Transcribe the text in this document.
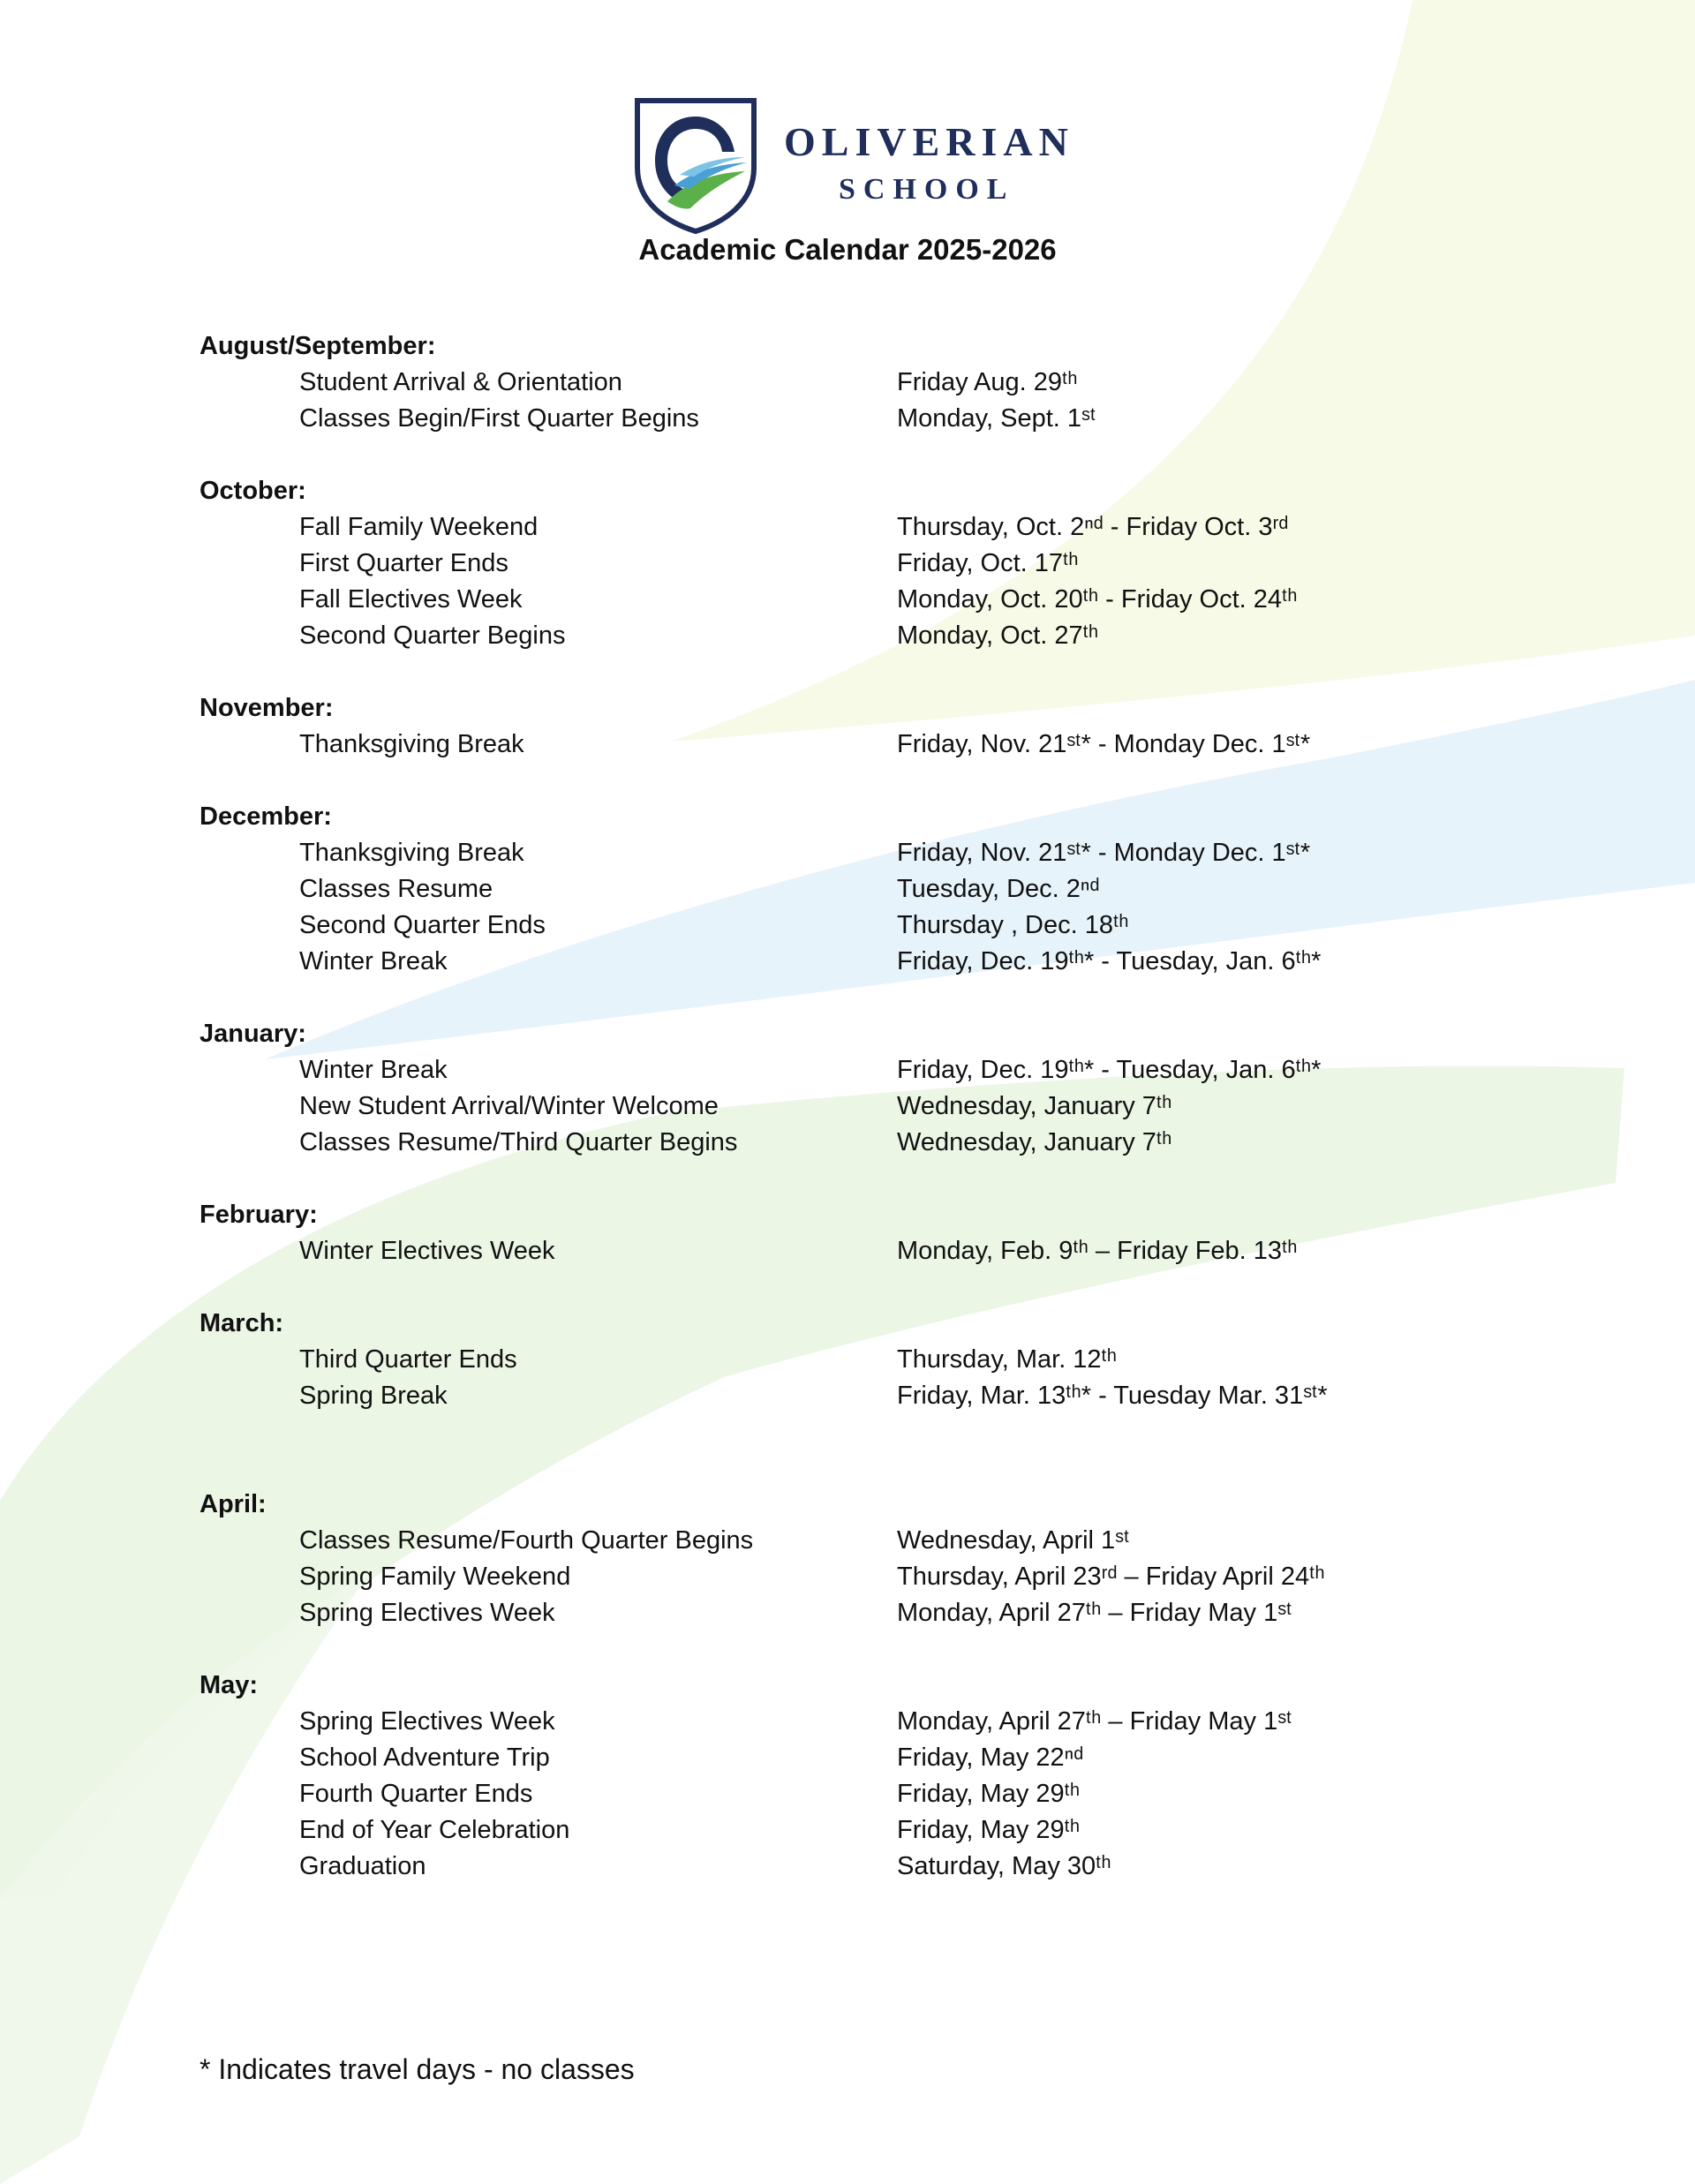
OLIVERIAN
SCHOOL
Academic Calendar 2025-2026
August/September:
Student Arrival & Orientation	Friday Aug. 29ᵗʰ
Classes Begin/First Quarter Begins	Monday, Sept. 1ˢᵗ
October:
Fall Family Weekend	Thursday, Oct. 2ⁿᵈ - Friday Oct. 3ʳᵈ
First Quarter Ends	Friday, Oct. 17ᵗʰ
Fall Electives Week	Monday, Oct. 20ᵗʰ - Friday Oct. 24ᵗʰ
Second Quarter Begins	Monday, Oct. 27ᵗʰ
November:
Thanksgiving Break	Friday, Nov. 21ˢᵗ* - Monday Dec. 1ˢᵗ*
December:
Thanksgiving Break	Friday, Nov. 21ˢᵗ* - Monday Dec. 1ˢᵗ*
Classes Resume	Tuesday, Dec. 2ⁿᵈ
Second Quarter Ends	Thursday , Dec. 18ᵗʰ
Winter Break	Friday, Dec. 19ᵗʰ* - Tuesday, Jan. 6ᵗʰ*
January:
Winter Break	Friday, Dec. 19ᵗʰ* - Tuesday, Jan. 6ᵗʰ*
New Student Arrival/Winter Welcome	Wednesday, January 7ᵗʰ
Classes Resume/Third Quarter Begins	Wednesday, January 7ᵗʰ
February:
Winter Electives Week	Monday, Feb. 9ᵗʰ – Friday Feb. 13ᵗʰ
March:
Third Quarter Ends	Thursday, Mar. 12ᵗʰ
Spring Break	Friday, Mar. 13ᵗʰ* - Tuesday Mar. 31ˢᵗ*
April:
Classes Resume/Fourth Quarter Begins	Wednesday, April 1ˢᵗ
Spring Family Weekend	Thursday, April 23ʳᵈ – Friday April 24ᵗʰ
Spring Electives Week	Monday, April 27ᵗʰ – Friday May 1ˢᵗ
May:
Spring Electives Week	Monday, April 27ᵗʰ – Friday May 1ˢᵗ
School Adventure Trip	Friday, May 22ⁿᵈ
Fourth Quarter Ends	Friday, May 29ᵗʰ
End of Year Celebration	Friday, May 29ᵗʰ
Graduation	Saturday, May 30ᵗʰ
* Indicates travel days - no classes
